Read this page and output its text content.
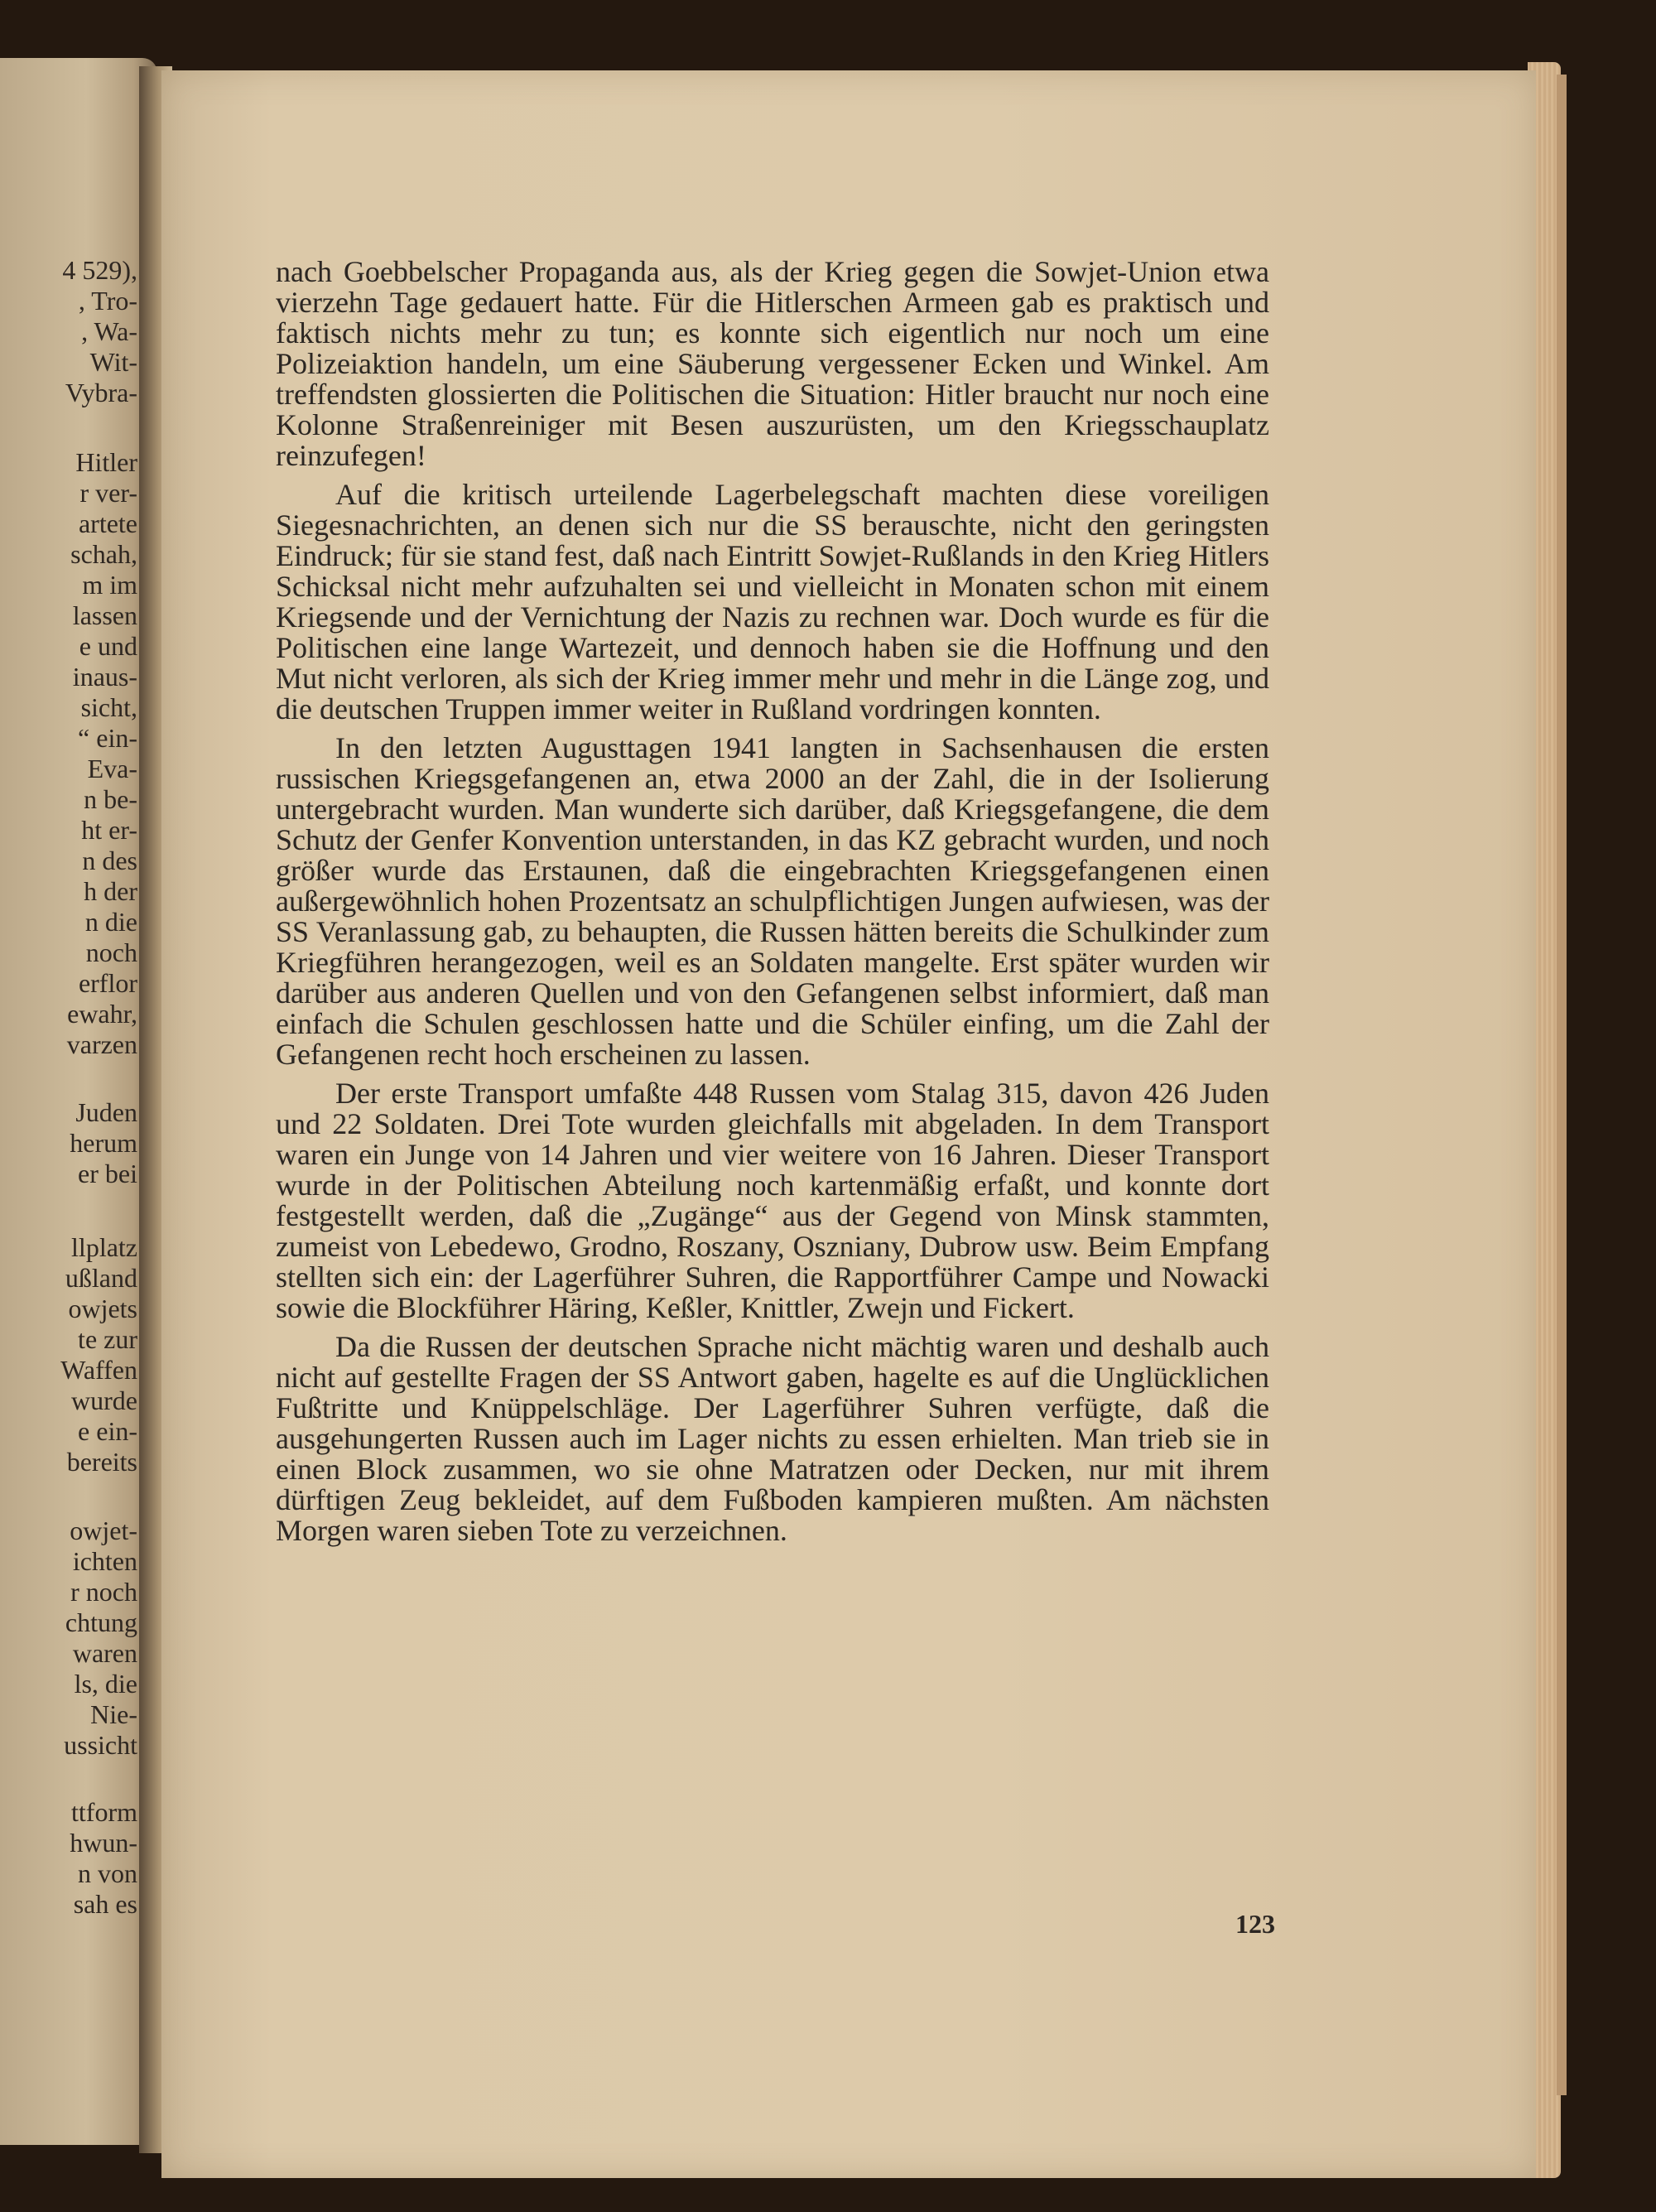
4 529),
, Tro-
, Wa-
Wit-
Vybra-
Hitler
r ver-
artete
schah,
m im
lassen
e und
inaus-
sicht,
“ ein-
Eva-
n be-
ht er-
n des
h der
n die
noch
erflor
ewahr,
varzen
Juden
herum
er bei
llplatz
ußland
owjets
te zur
Waffen
wurde
e ein-
bereits
owjet-
ichten
r noch
chtung
waren
ls, die
Nie-
ussicht
ttform
hwun-
n von
sah es

nach Goebbelscher Propaganda aus, als der Krieg gegen die Sowjet-Union etwa vierzehn Tage gedauert hatte. Für die Hitlerschen Armeen gab es praktisch und faktisch nichts mehr zu tun; es konnte sich eigentlich nur noch um eine Polizeiaktion handeln, um eine Säuberung vergessener Ecken und Winkel. Am treffendsten glossierten die Politischen die Situation: Hitler braucht nur noch eine Kolonne Straßenreiniger mit Besen auszurüsten, um den Kriegsschauplatz reinzufegen!

Auf die kritisch urteilende Lagerbelegschaft machten diese voreiligen Siegesnachrichten, an denen sich nur die SS berauschte, nicht den geringsten Eindruck; für sie stand fest, daß nach Eintritt Sowjet-Rußlands in den Krieg Hitlers Schicksal nicht mehr aufzuhalten sei und vielleicht in Monaten schon mit einem Kriegsende und der Vernichtung der Nazis zu rechnen war. Doch wurde es für die Politischen eine lange Wartezeit, und dennoch haben sie die Hoffnung und den Mut nicht verloren, als sich der Krieg immer mehr und mehr in die Länge zog, und die deutschen Truppen immer weiter in Rußland vordringen konnten.

In den letzten Augusttagen 1941 langten in Sachsenhausen die ersten russischen Kriegsgefangenen an, etwa 2000 an der Zahl, die in der Isolierung untergebracht wurden. Man wunderte sich darüber, daß Kriegsgefangene, die dem Schutz der Genfer Konvention unterstanden, in das KZ gebracht wurden, und noch größer wurde das Erstaunen, daß die eingebrachten Kriegsgefangenen einen außergewöhnlich hohen Prozentsatz an schulpflichtigen Jungen aufwiesen, was der SS Veranlassung gab, zu behaupten, die Russen hätten bereits die Schulkinder zum Kriegführen herangezogen, weil es an Soldaten mangelte. Erst später wurden wir darüber aus anderen Quellen und von den Gefangenen selbst informiert, daß man einfach die Schulen geschlossen hatte und die Schüler einfing, um die Zahl der Gefangenen recht hoch erscheinen zu lassen.

Der erste Transport umfaßte 448 Russen vom Stalag 315, davon 426 Juden und 22 Soldaten. Drei Tote wurden gleichfalls mit abgeladen. In dem Transport waren ein Junge von 14 Jahren und vier weitere von 16 Jahren. Dieser Transport wurde in der Politischen Abteilung noch kartenmäßig erfaßt, und konnte dort festgestellt werden, daß die „Zugänge“ aus der Gegend von Minsk stammten, zumeist von Lebedewo, Grodno, Roszany, Oszniany, Dubrow usw. Beim Empfang stellten sich ein: der Lagerführer Suhren, die Rapportführer Campe und Nowacki sowie die Blockführer Häring, Keßler, Knittler, Zwejn und Fickert.

Da die Russen der deutschen Sprache nicht mächtig waren und deshalb auch nicht auf gestellte Fragen der SS Antwort gaben, hagelte es auf die Unglücklichen Fußtritte und Knüppelschläge. Der Lagerführer Suhren verfügte, daß die ausgehungerten Russen auch im Lager nichts zu essen erhielten. Man trieb sie in einen Block zusammen, wo sie ohne Matratzen oder Decken, nur mit ihrem dürftigen Zeug bekleidet, auf dem Fußboden kampieren mußten. Am nächsten Morgen waren sieben Tote zu verzeichnen.

123
